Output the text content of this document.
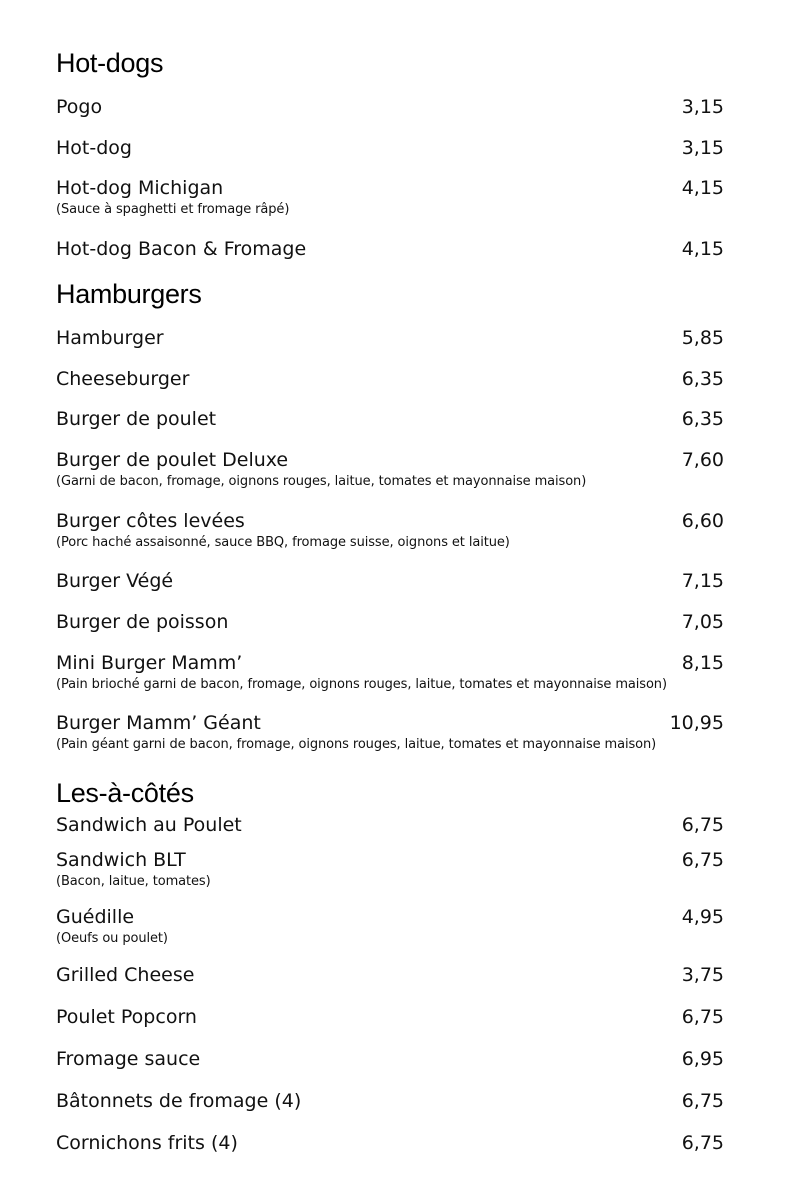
Hot-dogs
Pogo	3,15
Hot-dog	3,15
Hot-dog Michigan	4,15
(Sauce à spaghetti et fromage râpé)
Hot-dog Bacon & Fromage	4,15
Hamburgers
Hamburger	5,85
Cheeseburger	6,35
Burger de poulet	6,35
Burger de poulet Deluxe	7,60
(Garni de bacon, fromage, oignons rouges, laitue, tomates et mayonnaise maison)
Burger côtes levées	6,60
(Porc haché assaisonné, sauce BBQ, fromage suisse, oignons et laitue)
Burger Végé	7,15
Burger de poisson	7,05
Mini Burger Mamm’	8,15
(Pain brioché garni de bacon, fromage, oignons rouges, laitue, tomates et mayonnaise maison)
Burger Mamm’ Géant	10,95
(Pain géant garni de bacon, fromage, oignons rouges, laitue, tomates et mayonnaise maison)
Les-à-côtés
Sandwich au Poulet	6,75
Sandwich BLT	6,75
(Bacon, laitue, tomates)
Guédille	4,95
(Oeufs ou poulet)
Grilled Cheese	3,75
Poulet Popcorn	6,75
Fromage sauce	6,95
Bâtonnets de fromage (4)	6,75
Cornichons frits (4)	6,75
